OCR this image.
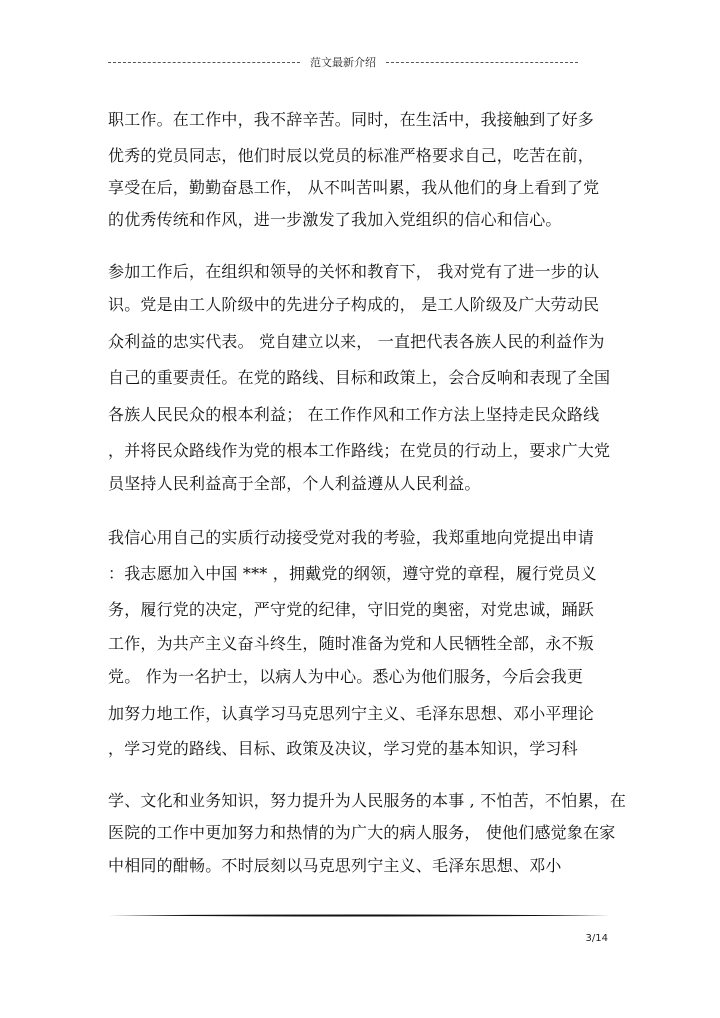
范文最新介绍
职工作。在工作中，我不辞辛苦。同时，在生活中，我接触到了好多
优秀的党员同志，他们时辰以党员的标准严格要求自己，吃苦在前，
享受在后，勤勤奋恳工作， 从不叫苦叫累，我从他们的身上看到了党
的优秀传统和作风，进一步激发了我加入党组织的信心和信心。
参加工作后，在组织和领导的关怀和教育下， 我对党有了进一步的认
识。党是由工人阶级中的先进分子构成的， 是工人阶级及广大劳动民
众利益的忠实代表。 党自建立以来， 一直把代表各族人民的利益作为
自己的重要责任。在党的路线、目标和政策上，会合反响和表现了全国
各族人民民众的根本利益； 在工作作风和工作方法上坚持走民众路线
，并将民众路线作为党的根本工作路线；在党员的行动上，要求广大党
员坚持人民利益高于全部，个人利益遵从人民利益。
我信心用自己的实质行动接受党对我的考验，我郑重地向党提出申请
：我志愿加入中国 *** ，拥戴党的纲领，遵守党的章程，履行党员义
务，履行党的决定，严守党的纪律，守旧党的奥密，对党忠诚，踊跃
工作，为共产主义奋斗终生，随时准备为党和人民牺牲全部，永不叛
党。 作为一名护士，以病人为中心。悉心为他们服务，今后会我更
加努力地工作，认真学习马克思列宁主义、毛泽东思想、邓小平理论
，学习党的路线、目标、政策及决议，学习党的基本知识，学习科
学、文化和业务知识，努力提升为人民服务的本事 , 不怕苦，不怕累，在
医院的工作中更加努力和热情的为广大的病人服务， 使他们感觉象在家
中相同的酣畅。不时辰刻以马克思列宁主义、毛泽东思想、邓小
3/14
